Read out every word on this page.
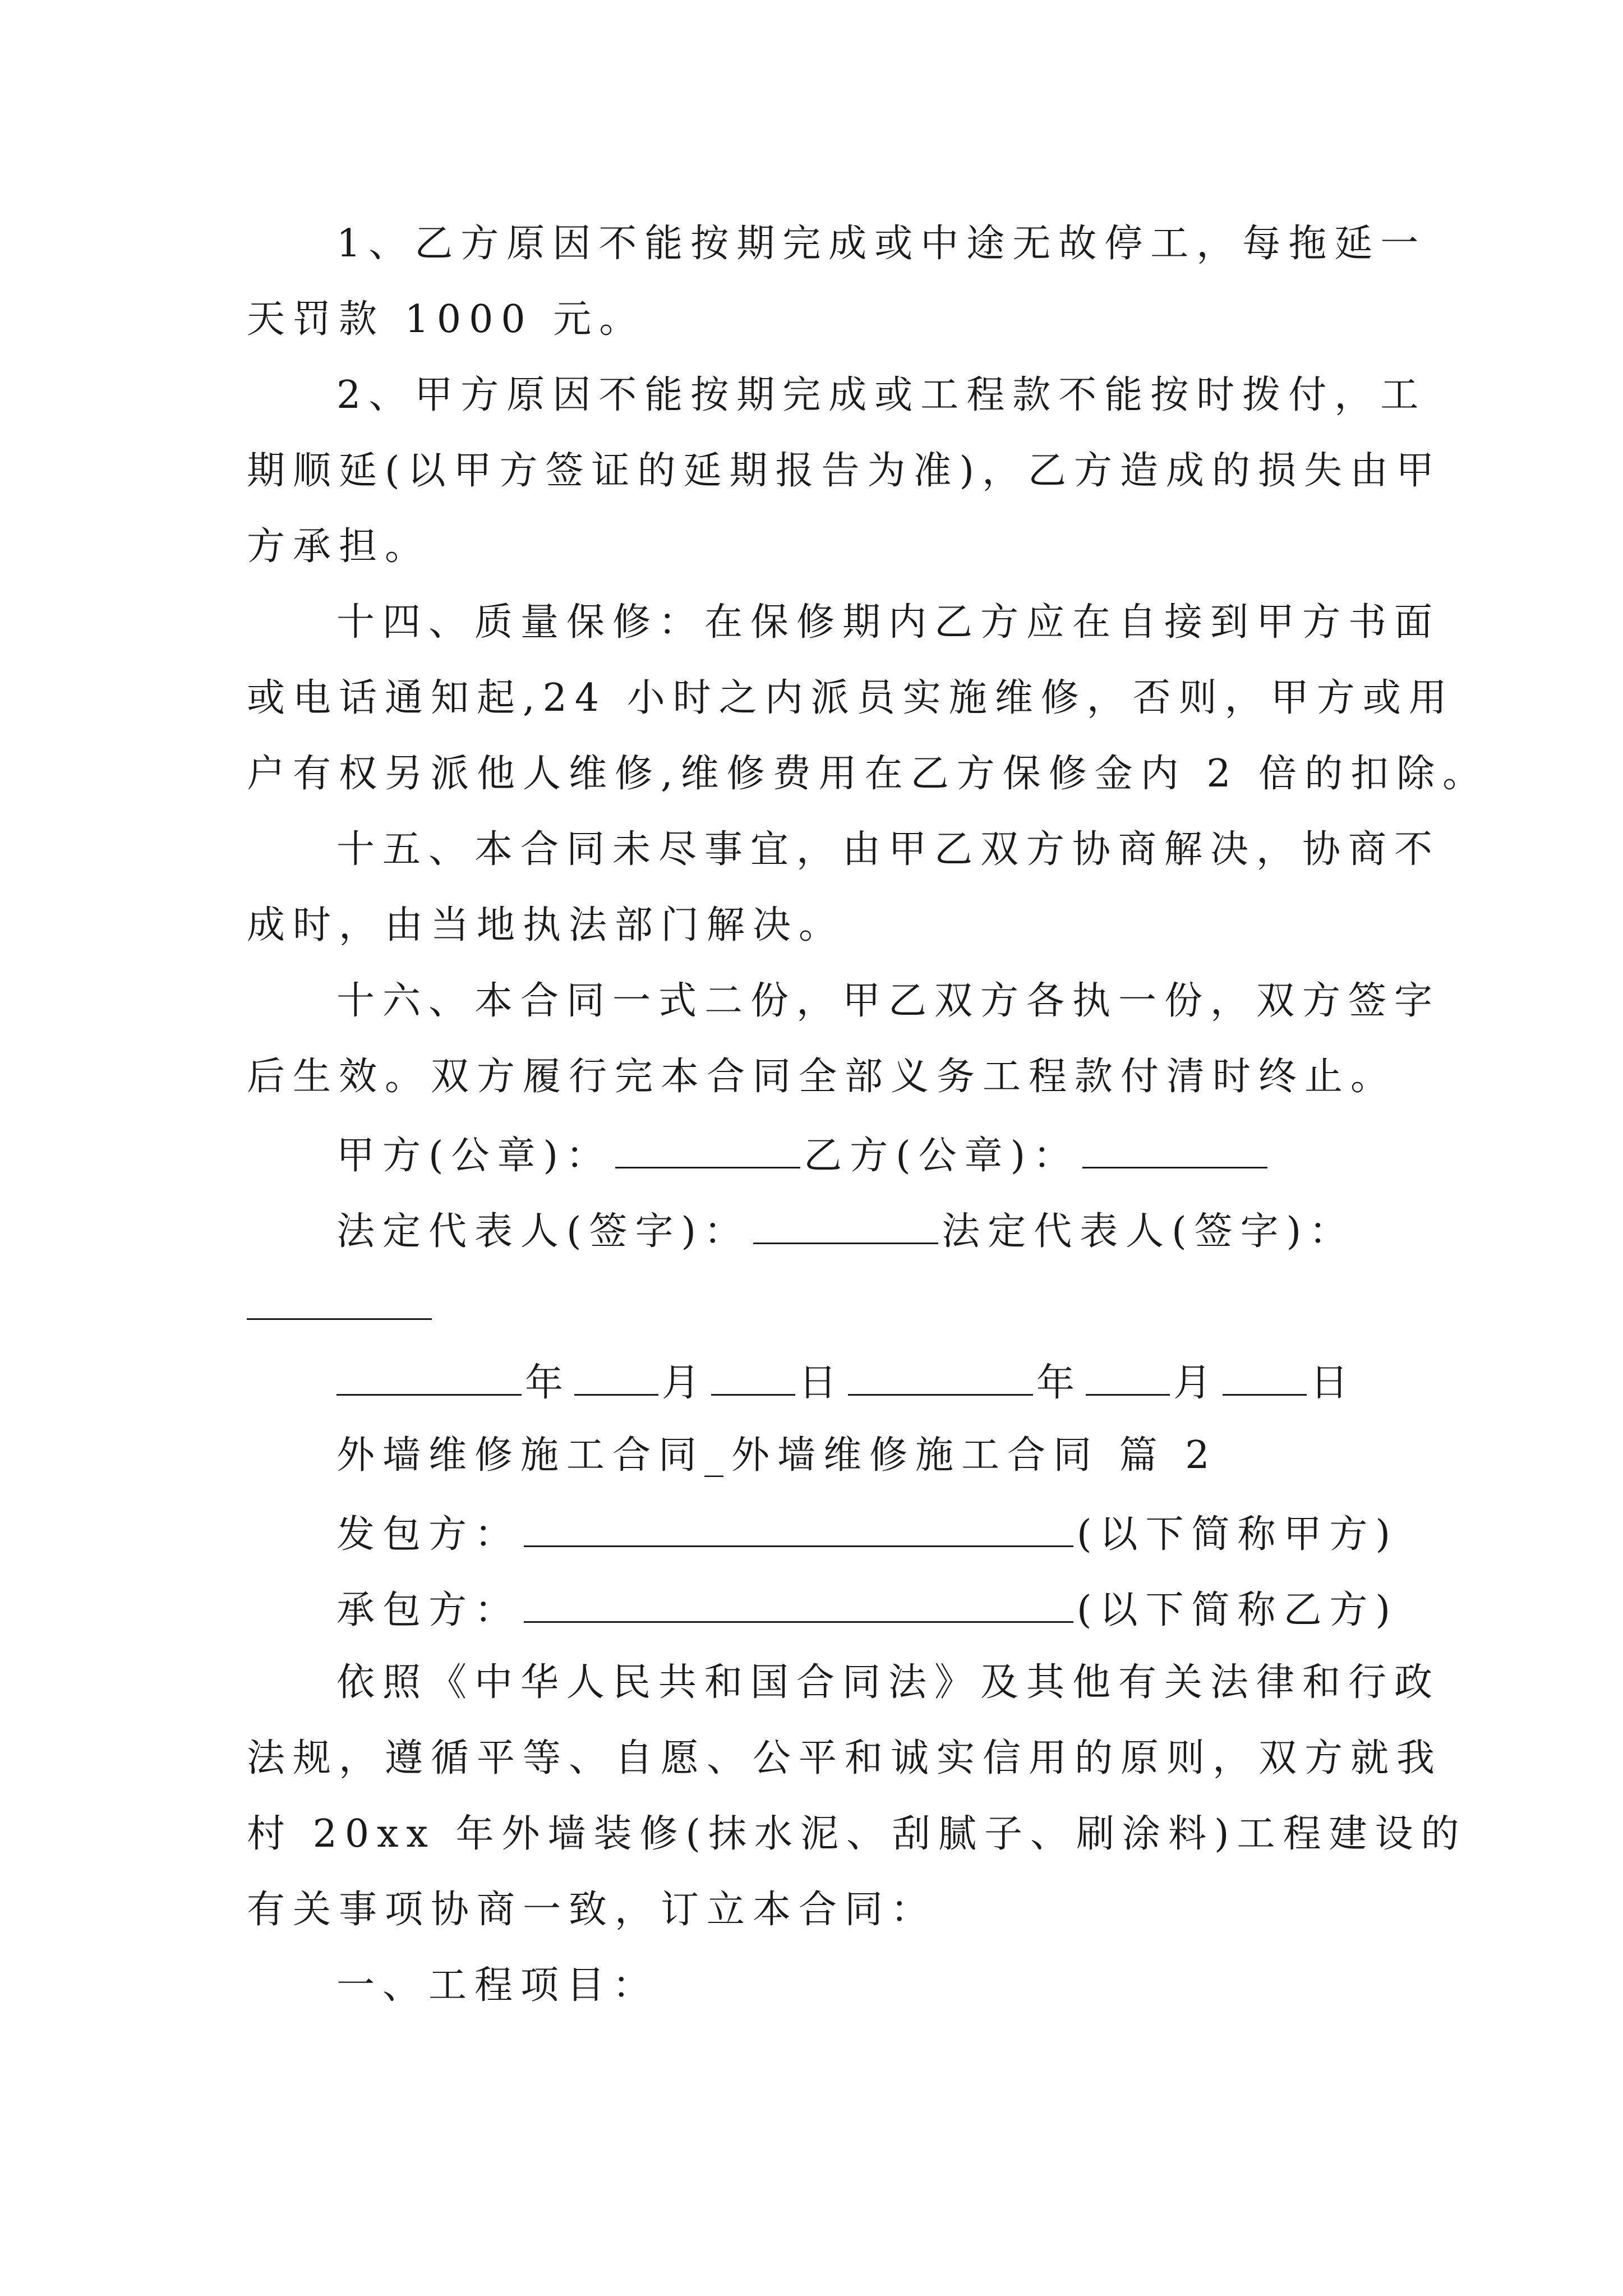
1、乙方原因不能按期完成或中途无故停工，每拖延一
天罚款 1000 元。
2、甲方原因不能按期完成或工程款不能按时拨付，工
期顺延(以甲方签证的延期报告为准)，乙方造成的损失由甲
方承担。
十四、质量保修：在保修期内乙方应在自接到甲方书面
或电话通知起,24 小时之内派员实施维修，否则，甲方或用
户有权另派他人维修,维修费用在乙方保修金内 2 倍的扣除。
十五、本合同未尽事宜，由甲乙双方协商解决，协商不
成时，由当地执法部门解决。
十六、本合同一式二份，甲乙双方各执一份，双方签字
后生效。双方履行完本合同全部义务工程款付清时终止。
甲方(公章)：	乙方(公章)：
法定代表人(签字)：	法定代表人(签字)：
年 月 日	年 月 日
外墙维修施工合同_外墙维修施工合同 篇 2
发包方：	(以下简称甲方)
承包方：	(以下简称乙方)
依照《中华人民共和国合同法》及其他有关法律和行政
法规，遵循平等、自愿、公平和诚实信用的原则，双方就我
村 20xx 年外墙装修(抹水泥、刮腻子、刷涂料)工程建设的
有关事项协商一致，订立本合同：
一、工程项目：
